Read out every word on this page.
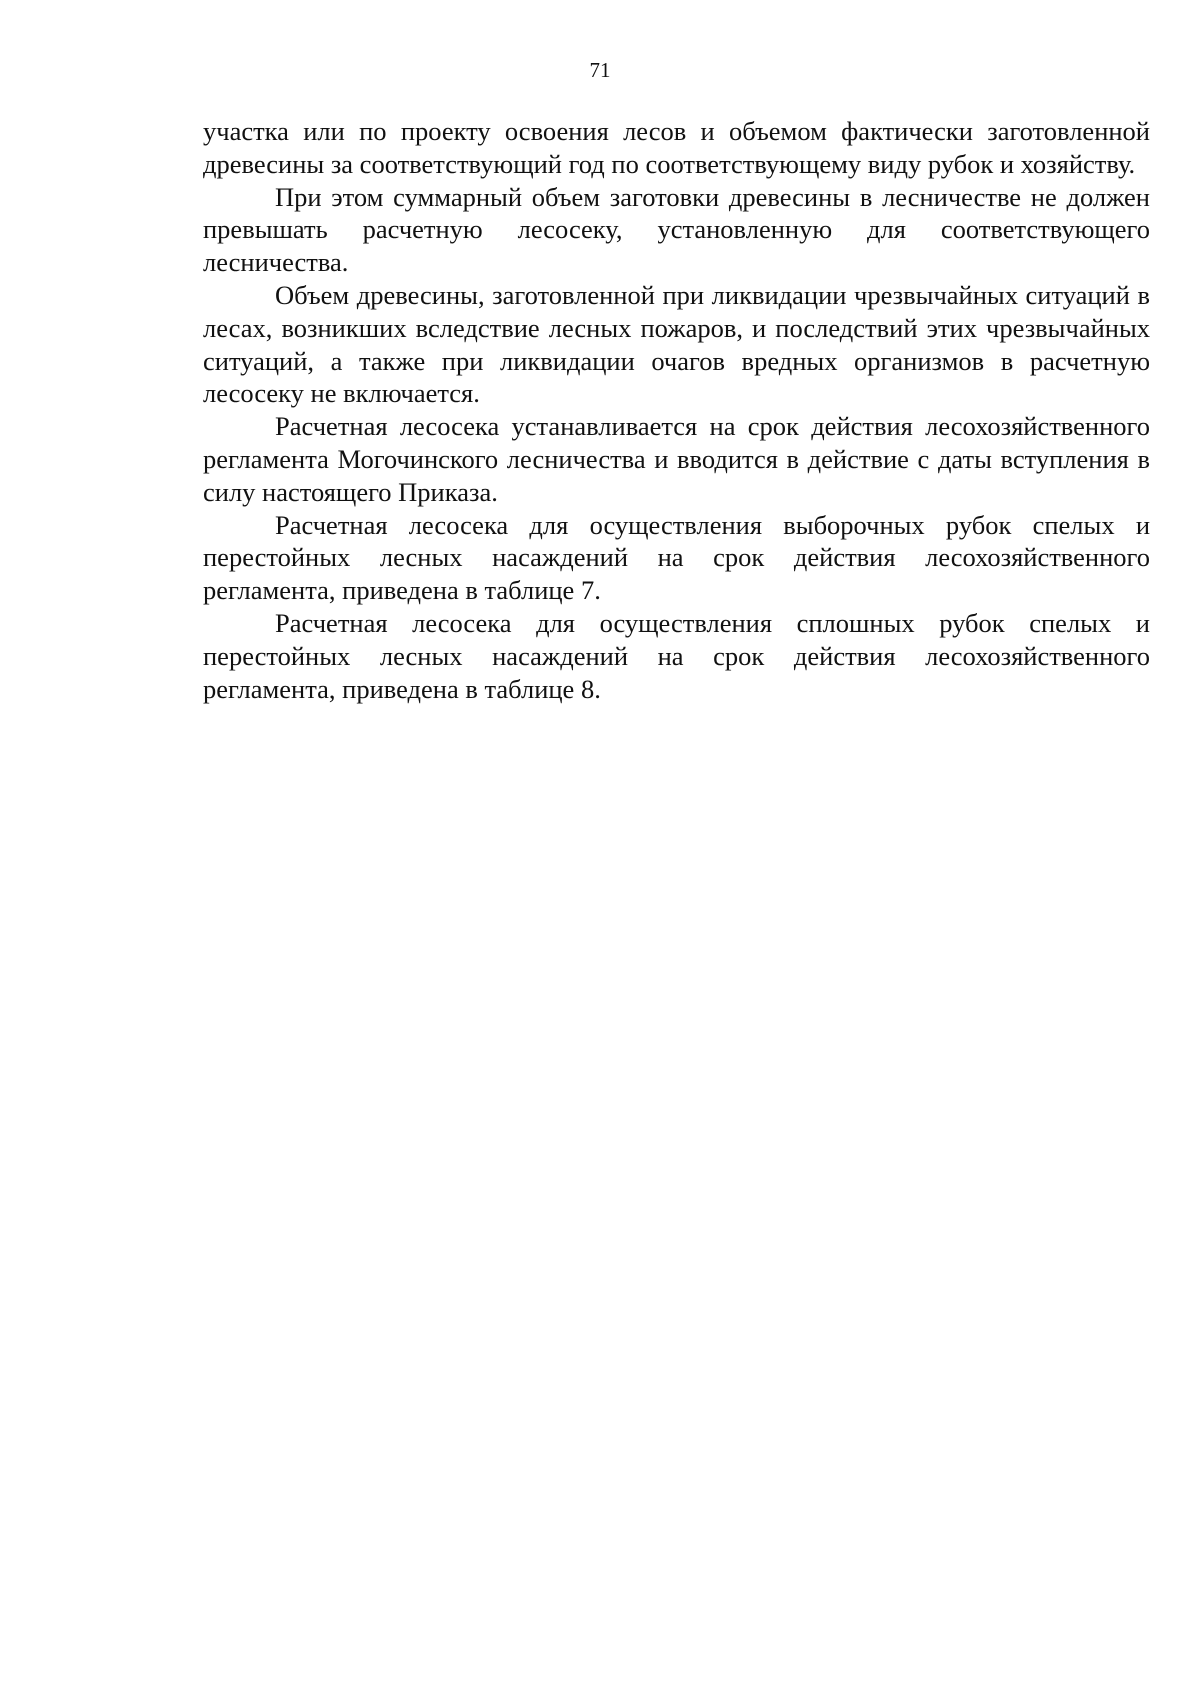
71

участка или по проекту освоения лесов и объемом фактически заготовленной древесины за соответствующий год по соответствующему виду рубок и хозяйству.

При этом суммарный объем заготовки древесины в лесничестве не должен превышать расчетную лесосеку, установленную для соответствующего лесничества.

Объем древесины, заготовленной при ликвидации чрезвычайных ситуаций в лесах, возникших вследствие лесных пожаров, и последствий этих чрезвычайных ситуаций, а также при ликвидации очагов вредных организмов в расчетную лесосеку не включается.

Расчетная лесосека устанавливается на срок действия лесохозяйственного регламента Могочинского лесничества и вводится в действие с даты вступления в силу настоящего Приказа.

Расчетная лесосека для осуществления выборочных рубок спелых и перестойных лесных насаждений на срок действия лесохозяйственного регламента, приведена в таблице 7.

Расчетная лесосека для осуществления сплошных рубок спелых и перестойных лесных насаждений на срок действия лесохозяйственного регламента, приведена в таблице 8.
